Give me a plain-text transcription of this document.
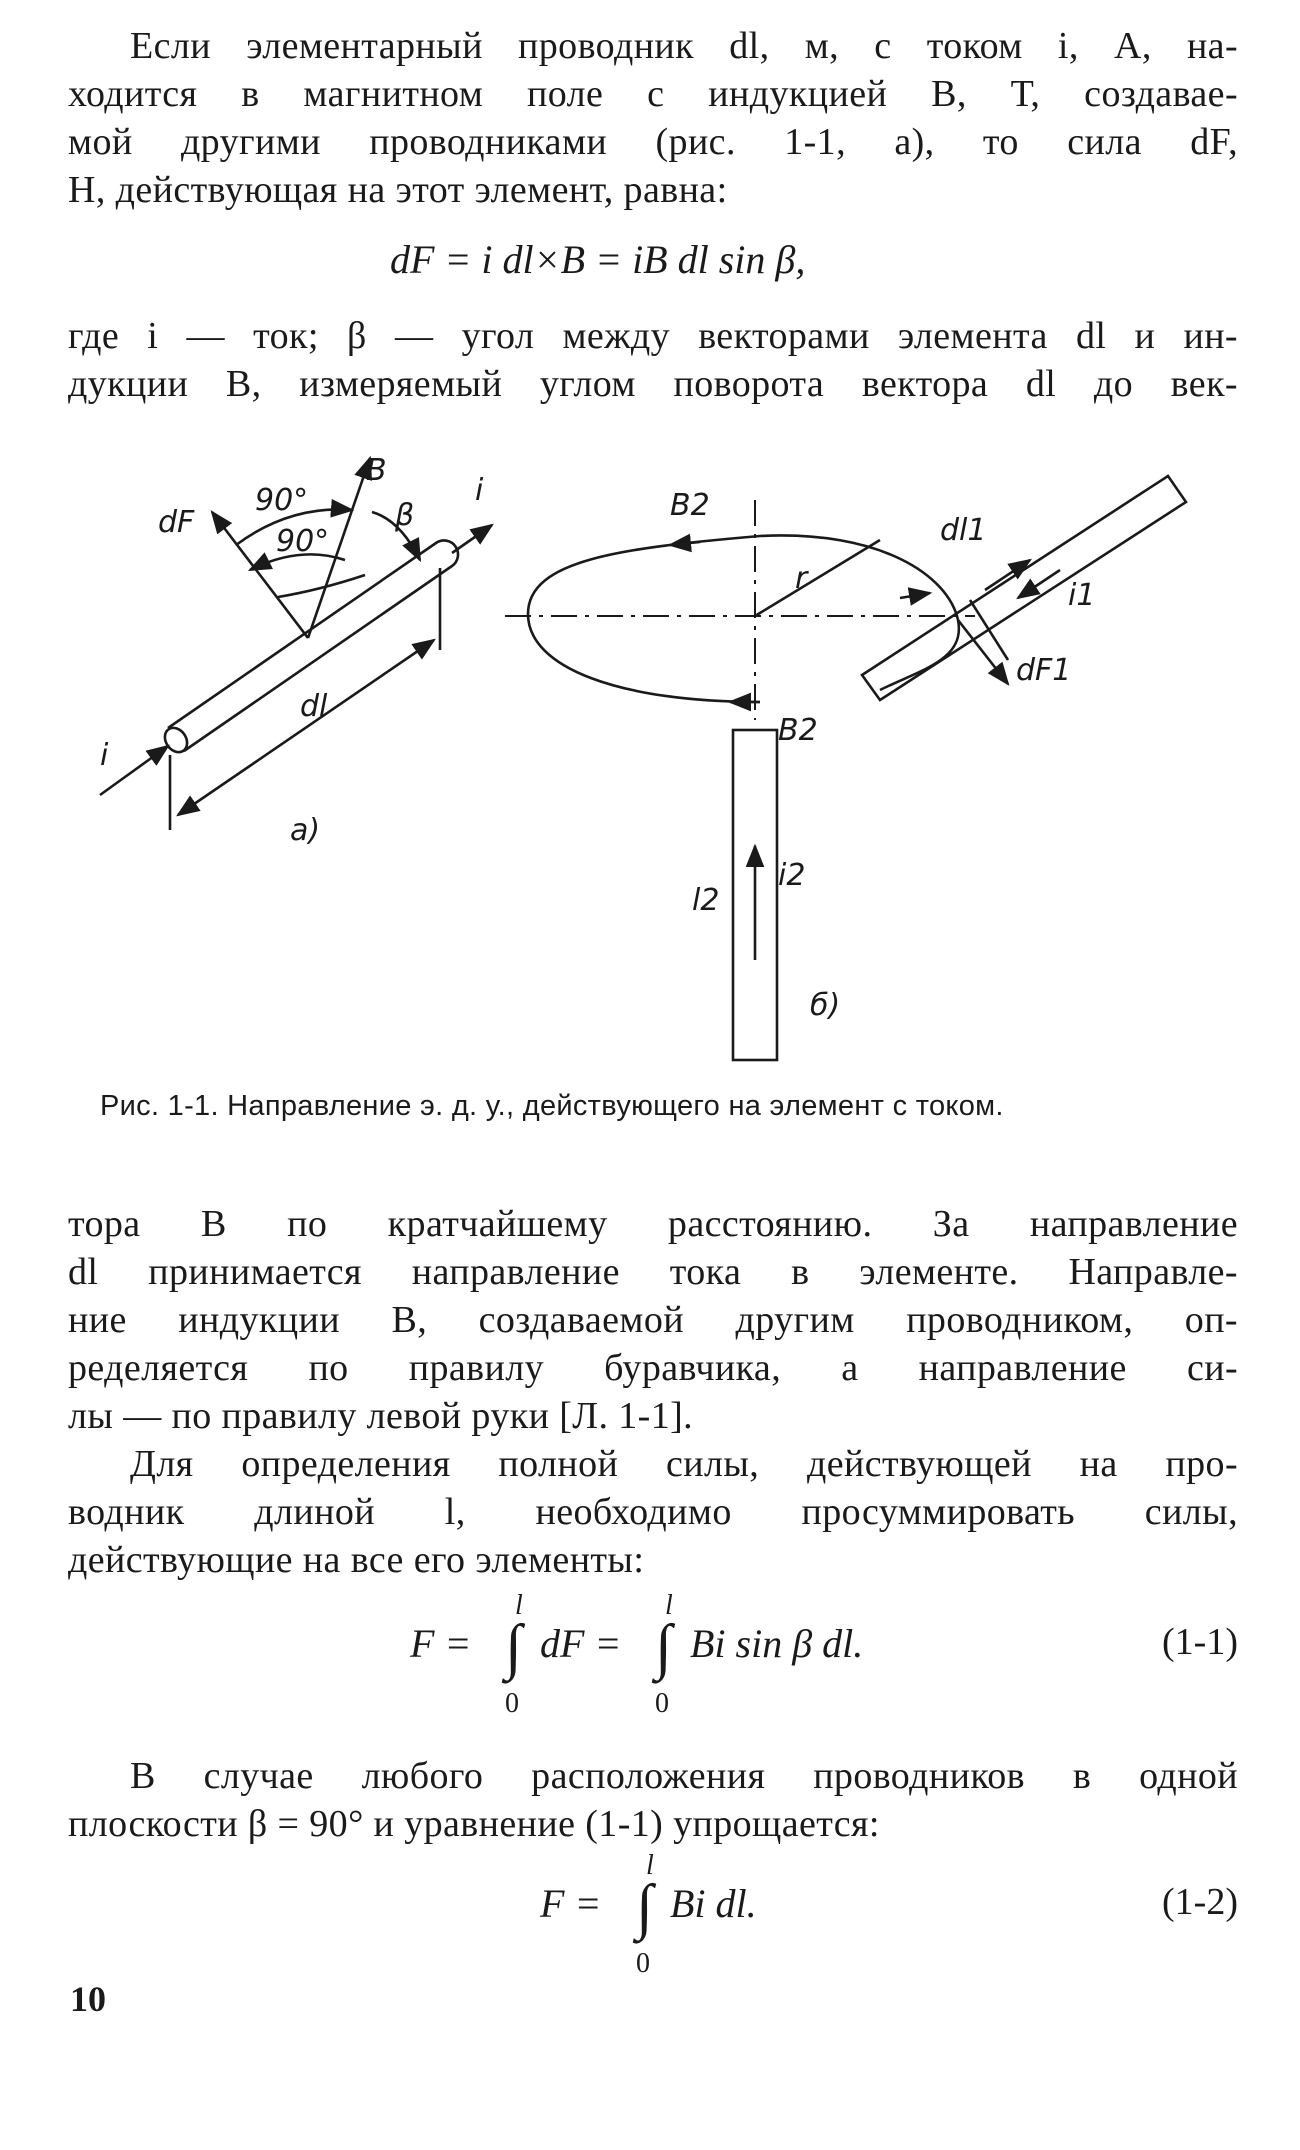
Если элементарный проводник dl, м, с током i, А, на-
ходится в магнитном поле с индукцией B, Т, создавае-
мой другими проводниками (рис. 1-1, а), то сила dF,
Н, действующая на этот элемент, равна:
dF = i dl×B = iB dl sin β,
где i — ток; β — угол между векторами элемента dl и ин-
дукции B, измеряемый углом поворота вектора dl до век-
dF
B
90°
90°
β
i
i
dl
а)
B2
B2
r
dl1
i1
dF1
l2
i2
б)
Рис. 1-1. Направление э. д. у., действующего на элемент с током.
тора B по кратчайшему расстоянию. За направление
dl принимается направление тока в элементе. Направле-
ние индукции B, создаваемой другим проводником, оп-
ределяется по правилу буравчика, а направление си-
лы — по правилу левой руки [Л. 1-1].
Для определения полной силы, действующей на про-
водник длиной l, необходимо просуммировать силы,
действующие на все его элементы:
F =
l
∫
0
dF =
l
∫
0
Bi sin β dl.	(1-1)
В случае любого расположения проводников в одной
плоскости β = 90° и уравнение (1-1) упрощается:
F =
l
∫
0
Bi dl.	(1-2)
10
